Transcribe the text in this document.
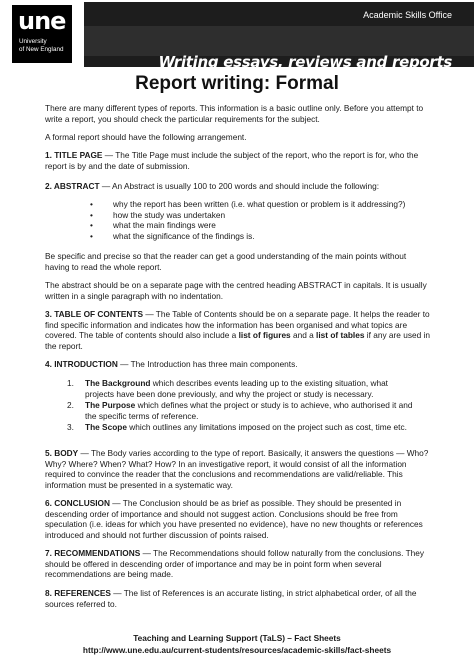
une
University
of New England
Academic Skills Office
Writing essays, reviews and reports
Report writing: Formal

There are many different types of reports. This information is a basic outline only. Before you attempt to write a report, you should check the particular requirements for the subject.

A formal report should have the following arrangement.

1. TITLE PAGE — The Title Page must include the subject of the report, who the report is for, who the report is by and the date of submission.

2. ABSTRACT — An Abstract is usually 100 to 200 words and should include the following:

• why the report has been written (i.e. what question or problem is it addressing?)
• how the study was undertaken
• what the main findings were
• what the significance of the findings is.

Be specific and precise so that the reader can get a good understanding of the main points without having to read the whole report.

The abstract should be on a separate page with the centred heading ABSTRACT in capitals. It is usually written in a single paragraph with no indentation.

3. TABLE OF CONTENTS — The Table of Contents should be on a separate page. It helps the reader to find specific information and indicates how the information has been organised and what topics are covered. The table of contents should also include a list of figures and a list of tables if any are used in the report.

4. INTRODUCTION — The Introduction has three main components.

1. The Background which describes events leading up to the existing situation, what projects have been done previously, and why the project or study is necessary.
2. The Purpose which defines what the project or study is to achieve, who authorised it and the specific terms of reference.
3. The Scope which outlines any limitations imposed on the project such as cost, time etc.

5. BODY — The Body varies according to the type of report. Basically, it answers the questions — Who? Why? Where? When? What? How? In an investigative report, it would consist of all the information required to convince the reader that the conclusions and recommendations are valid/reliable. This information must be presented in a systematic way.

6. CONCLUSION — The Conclusion should be as brief as possible. They should be presented in descending order of importance and should not suggest action. Conclusions should be free from speculation (i.e. ideas for which you have presented no evidence), have no new thoughts or references introduced and should not further discussion of points raised.

7. RECOMMENDATIONS — The Recommendations should follow naturally from the conclusions. They should be offered in descending order of importance and may be in point form when several recommendations are being made.

8. REFERENCES — The list of References is an accurate listing, in strict alphabetical order, of all the sources referred to.

Teaching and Learning Support (TaLS) – Fact Sheets
http://www.une.edu.au/current-students/resources/academic-skills/fact-sheets
